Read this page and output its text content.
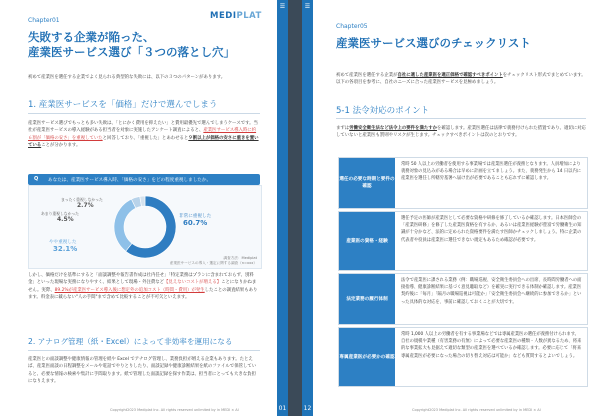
Chapter01	MEDIPLAT
失敗する企業が陥った、
産業医サービス選び「３つの落とし穴」
初めて産業医を選任する企業でよく見られる典型的な失敗には、以下の３つのパターンがあります。
1. 産業医サービスを「価格」だけで選んでしまう
産業医サービス選びでもっとも多い失敗は、「とにかく費用を抑えたい」と費用最優先で選んでしまうケースです。当社が産業医サービスの導入経験がある担当者を対象に実施したアンケート調査によると、産業医サービス導入時に約６割が「価格の安さ」を重視していたと回答しており、「重視した」とあわせると９割以上が価格の安さに重きを置いていることが分かります。
Q あなたは、産業医サービス導入時、「価格の安さ」をどの程度重視しましたか。
非常に重視した
60.7%
やや重視した
32.1%
あまり重視しなかった
4.5%
まったく重視しなかった
2.7%
調査方法：Mediplat
産業医サービスの導入・選定に関する調査（n=xxx）
しかし、価格だけを基準にすると「面談調整や報告書作成は社内任せ」「特定業務はプランに含まれておらず、別料金」といった現場な実務になりやすく、結果として現場・外注費など【見えないコストが増える】ことになりかねません。実際、89.2%が産業医サービス導入後に想定外の追加コスト（時間・費用）が発生したことの調査結果もあります。料金表に載らない"人の手間"まで含めて比較することが不可欠といえます。
2. アナログ管理（紙・Excel）によって非効率を運用になる
産業医との面談調整や健康情報の管理を紙や Excel でアナログ管理し、業務負担が増える企業もあります。たとえば、産業医面談の日程調整をメールや電話でやりとりしたり、面談記録や健康診断結果を紙のファイルで保管していると、必要な情報の検索や集計に手間取ります。紙で管理した面談記録を探す作業は、担当者にとっても大きな負担になりえます。
Copyright2023 Mediplat Inc. All rights reserved unlimited by in MEDI × AI
☰
01
☰
12
Chapter05
産業医サービス選びのチェックリスト
初めて産業医を選任する企業が自社に適した産業医を適正価格で確認すべきポイントをチェックリスト形式でまとめています。以下の各項目を参考に、自社のニーズに合った産業医サービスを見極めましょう。
5-1 法令対応のポイント
まずは労働安全衛生法など法令上の要件を満たすかを確認します。産業医選任は法律で義務付けられた措置であり、適切に対応していないと産業医も罰則やリスクが生じます。チェックすべきポイントは次のとおりです。
選任の必要な時期と要件の確認
常時 50 人以上の労働者を使用する事業場では産業医選任が義務となります。人員増加により義務対象の見込みがある場合は早めに計画を立てましょう。また、義務発生から 14 日以内に産業医を選任し所轄労基署へ届け出が必要であることも忘れずに確認します。
産業医の資格・経験
選任予定の医師が産業医として必要な資格や研修を修了しているか確認します。日本医師会の「産業医研修」を修了した産業医資格を有するか、あるいは産業医経験が豊富で労働衛生の知識が十分かなど、法的に定められた資格要件を満たす医師かチェックしましょう。特に企業の代表者や役員は産業医に選任できない規定もあるため確認が必要です。
法定業務の履行体制
法令で産業医に課される業務（例：職場巡視、安全衛生委員会への出席、長時間労働者への面接指導、健康診断結果に基づく意見聴取など）を確実に実行できる体制か確認します。産業医契約後に「毎月」「隔月の職場巡視は可能か」「安全衛生委員会へ継続的に参加できるか」といった具体的な対応を、事前に確認しておくことが大切です。
専属産業医が必要かの確認
常時 1,000 人以上の労働者を有する事業場などでは専属産業医の選任が義務付けられます。自社の規模や業種（有害業務の有無）によって必要な産業医の種類・人数が異なるため、将来的な事業拡大も見据えて適切な類型の産業医を選べているか確認します。必要に応じて「将来専属産業医が必要になった場合の切り替え対応は可能か」なども質問するとよいでしょう。
Copyright2023 Mediplat Inc. All rights reserved unlimited by in MEDI × AI
